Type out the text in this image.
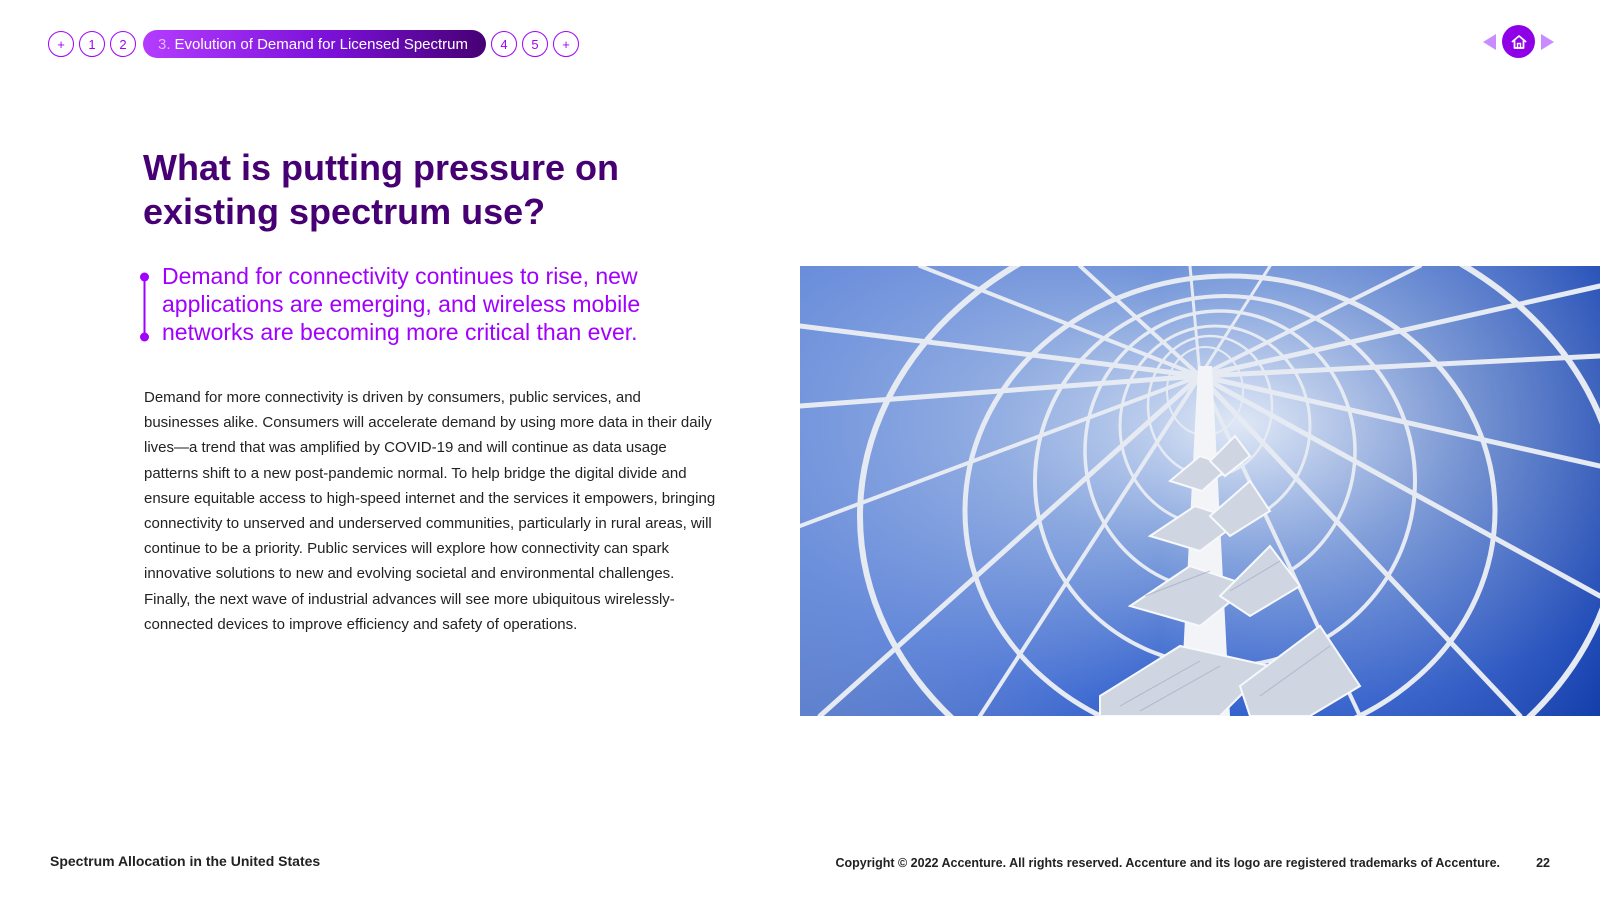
+	1	2	3. Evolution of Demand for Licensed Spectrum	4	5	+
What is putting pressure on existing spectrum use?
Demand for connectivity continues to rise, new applications are emerging, and wireless mobile networks are becoming more critical than ever.
Demand for more connectivity is driven by consumers, public services, and businesses alike. Consumers will accelerate demand by using more data in their daily lives—a trend that was amplified by COVID-19 and will continue as data usage patterns shift to a new post-pandemic normal. To help bridge the digital divide and ensure equitable access to high-speed internet and the services it empowers, bringing connectivity to unserved and underserved communities, particularly in rural areas, will continue to be a priority. Public services will explore how connectivity can spark innovative solutions to new and evolving societal and environmental challenges. Finally, the next wave of industrial advances will see more ubiquitous wirelessly-connected devices to improve efficiency and safety of operations.
Spectrum Allocation in the United States	Copyright © 2022 Accenture. All rights reserved. Accenture and its logo are registered trademarks of Accenture.	22
